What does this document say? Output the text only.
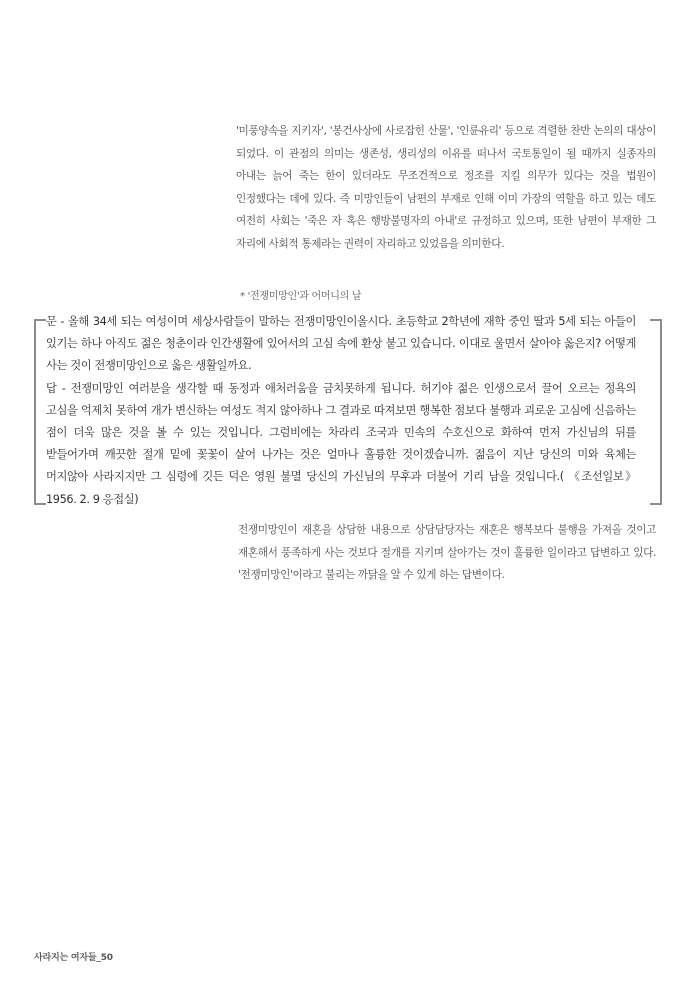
'미풍양속을 지키자', '봉건사상에 사로잡힌 산물', '인륜유리' 등으로 격렬한 찬반 논의의 대상이 되었다. 이 관점의 의미는 생존성, 생리성의 이유를 떠나서 국토통일이 될 때까지 실종자의 아내는 늙어 죽는 한이 있더라도 무조건적으로 정조를 지킬 의무가 있다는 것을 법원이 인정했다는 데에 있다. 즉 미망인들이 남편의 부재로 인해 이미 가장의 역할을 하고 있는 데도 여전히 사회는 '죽은 자 혹은 행방불명자의 아내'로 규정하고 있으며, 또한 남편이 부재한 그 자리에 사회적 통제라는 권력이 자리하고 있었음을 의미한다.

* '전쟁미망인'과 어머니의 날

문 - 올해 34세 되는 여성이며 세상사람들이 말하는 전쟁미망인이올시다. 초등학교 2학년에 재학 중인 딸과 5세 되는 아들이 있기는 하나 아직도 젊은 청춘이라 인간생활에 있어서의 고심 속에 환상 붙고 있습니다. 이대로 울면서 살아야 옳은지? 어떻게 사는 것이 전쟁미망인으로 옳은 생활일까요.

답 - 전쟁미망인 여러분을 생각할 때 동정과 애처러움을 금치못하게 됩니다. 허기야 젊은 인생으로서 끌어 오르는 정욕의 고심을 억제치 못하여 개가 변신하는 여성도 적지 않아하나 그 결과로 따져보면 행복한 점보다 불행과 괴로운 고심에 신음하는 점이 더욱 많은 것을 볼 수 있는 것입니다. 그럼비에는 차라리 조국과 민속의 수호신으로 화하여 먼저 가신님의 뒤를 받들어가며 깨끗한 절개 밑에 꽃꽃이 살어 나가는 것은 얼마나 훌륭한 것이겠습니까. 젊음이 지난 당신의 미와 육체는 머지않아 사라지지만 그 심령에 깃든 덕은 영원 불멸 당신의 가신님의 무후과 더불어 기리 남을 것입니다.( 《조선일보》 1956. 2. 9 응접실)

전쟁미망인이 재혼을 상담한 내용으로 상담담당자는 재혼은 행복보다 불행을 가져올 것이고 재혼해서 풍족하게 사는 것보다 절개를 지키며 살아가는 것이 훌륭한 일이라고 답변하고 있다. '전쟁미망인'이라고 불리는 까닭을 알 수 있게 하는 답변이다.

사라지는 여자들_50
